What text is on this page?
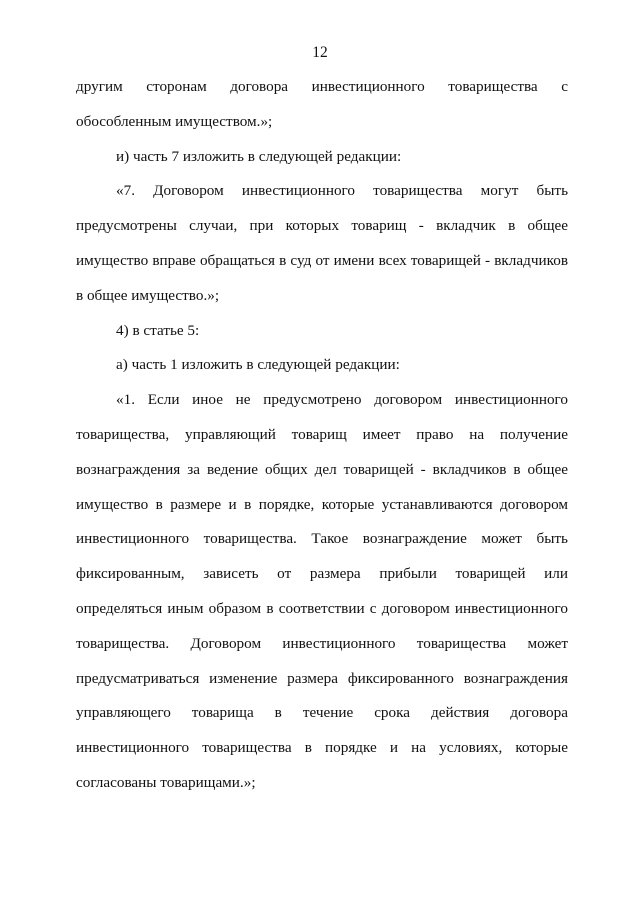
12
другим сторонам договора инвестиционного товарищества с
обособленным имуществом.»;
и) часть 7 изложить в следующей редакции:
«7. Договором инвестиционного товарищества могут быть
предусмотрены случаи, при которых товарищ - вкладчик в общее
имущество вправе обращаться в суд от имени всех товарищей - вкладчиков
в общее имущество.»;
4) в статье 5:
а) часть 1 изложить в следующей редакции:
«1. Если иное не предусмотрено договором инвестиционного
товарищества, управляющий товарищ имеет право на получение
вознаграждения за ведение общих дел товарищей - вкладчиков в общее
имущество в размере и в порядке, которые устанавливаются договором
инвестиционного товарищества. Такое вознаграждение может быть
фиксированным, зависеть от размера прибыли товарищей или
определяться иным образом в соответствии с договором инвестиционного
товарищества. Договором инвестиционного товарищества может
предусматриваться изменение размера фиксированного вознаграждения
управляющего товарища в течение срока действия договора
инвестиционного товарищества в порядке и на условиях, которые
согласованы товарищами.»;
